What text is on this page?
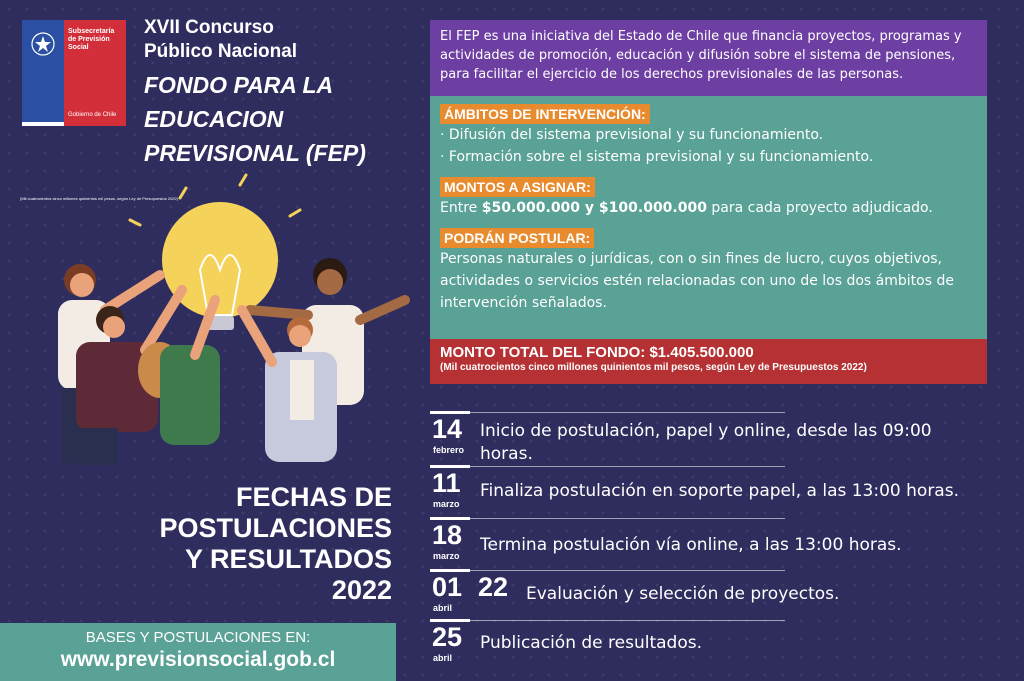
Subsecretaría de Previsión Social
Gobierno de Chile
XVII Concurso
Público Nacional
FONDO PARA LA
EDUCACION
PREVISIONAL (FEP)
(Mil cuatrocientos cinco millones quinientos mil pesos, según Ley de Presupuestos 2022)
FECHAS DE
POSTULACIONES
Y RESULTADOS
2022
BASES Y POSTULACIONES EN:
www.previsionsocial.gob.cl
El FEP es una iniciativa del Estado de Chile que financia proyectos, programas y actividades de promoción, educación y difusión sobre el sistema de pensiones, para facilitar el ejercicio de los derechos previsionales de las personas.
ÁMBITOS DE INTERVENCIÓN:
· Difusión del sistema previsional y su funcionamiento.
· Formación sobre el sistema previsional y su funcionamiento.
MONTOS A ASIGNAR:
Entre $50.000.000 y $100.000.000 para cada proyecto adjudicado.
PODRÁN POSTULAR:
Personas naturales o jurídicas, con o sin fines de lucro, cuyos objetivos, actividades o servicios estén relacionadas con uno de los dos ámbitos de intervención señalados.
MONTO TOTAL DEL FONDO: $1.405.500.000
(Mil cuatrocientos cinco millones quinientos mil pesos, según Ley de Presupuestos 2022)
14
febrero
Inicio de postulación, papel y online, desde las 09:00 horas.
11
marzo
Finaliza postulación en soporte papel, a las 13:00 horas.
18
marzo
Termina postulación vía online, a las 13:00 horas.
01
abril
22 Evaluación y selección de proyectos.
25
abril
Publicación de resultados.
